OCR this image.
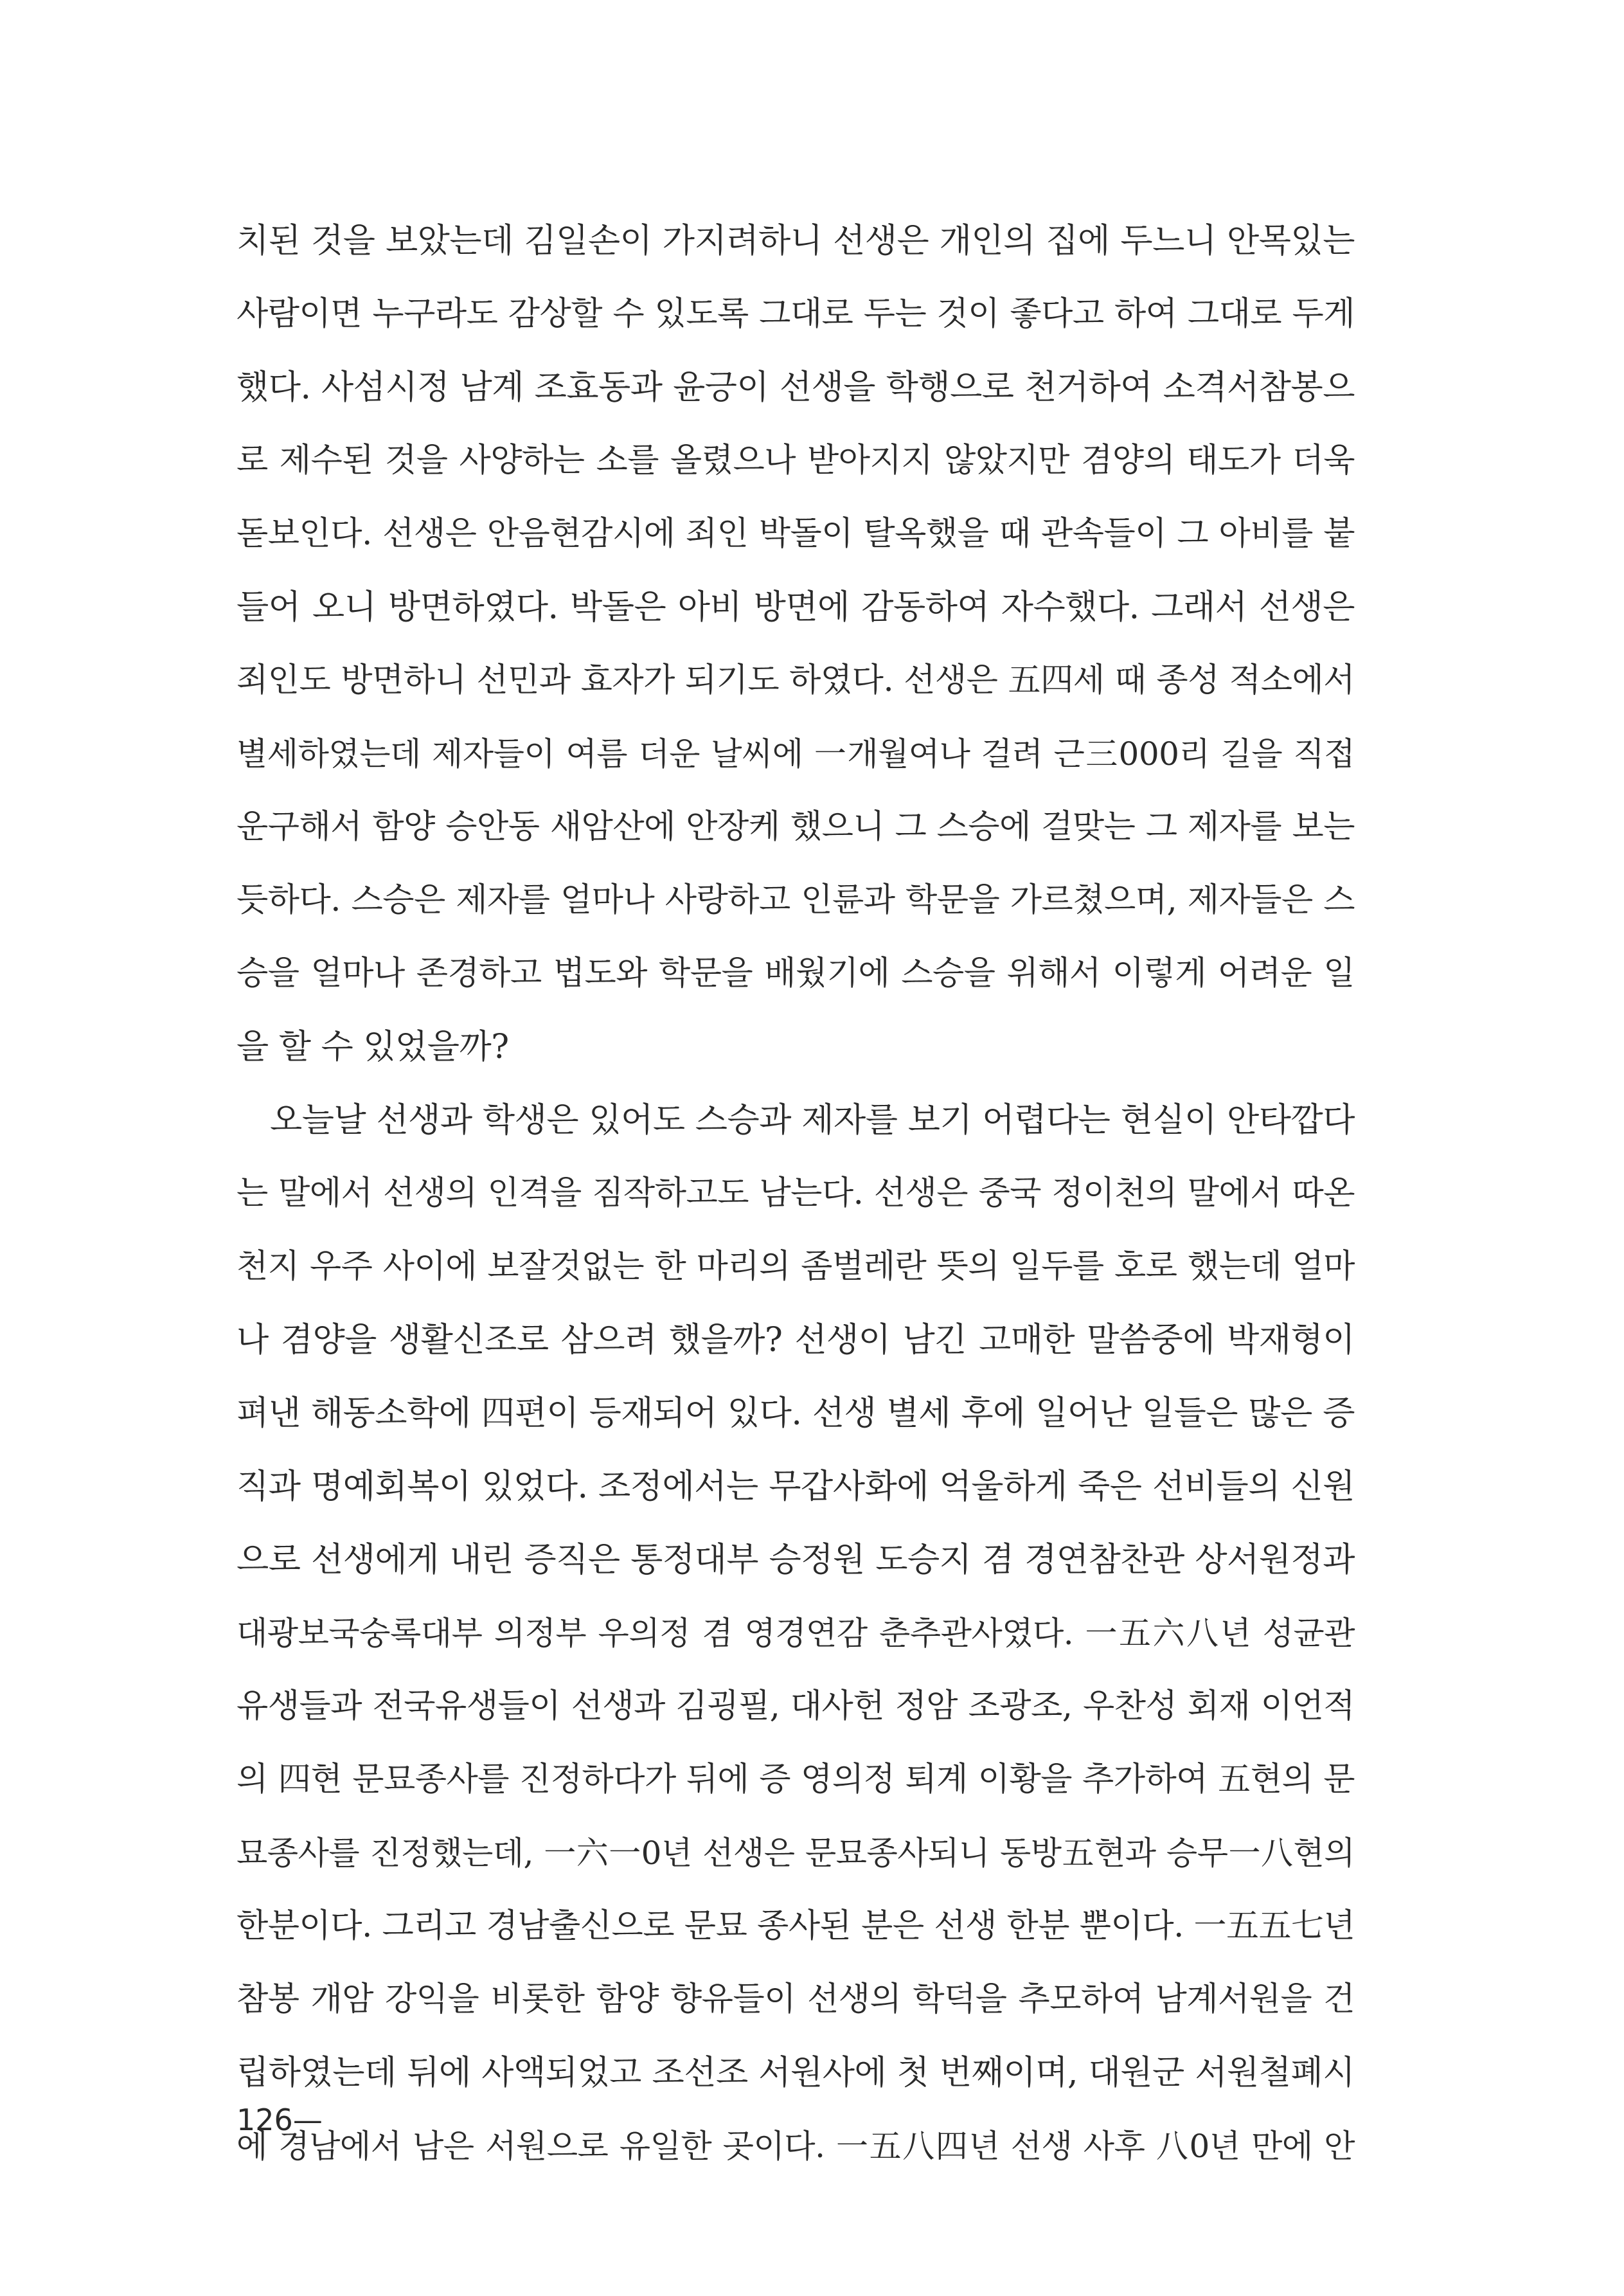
치된 것을 보았는데 김일손이 가지려하니 선생은 개인의 집에 두느니 안목있는
사람이면 누구라도 감상할 수 있도록 그대로 두는 것이 좋다고 하여 그대로 두게
했다. 사섬시정 남계 조효동과 윤긍이 선생을 학행으로 천거하여 소격서참봉으
로 제수된 것을 사양하는 소를 올렸으나 받아지지 않았지만 겸양의 태도가 더욱
돋보인다. 선생은 안음현감시에 죄인 박돌이 탈옥했을 때 관속들이 그 아비를 붙
들어 오니 방면하였다. 박돌은 아비 방면에 감동하여 자수했다. 그래서 선생은
죄인도 방면하니 선민과 효자가 되기도 하였다. 선생은 五四세 때 종성 적소에서
별세하였는데 제자들이 여름 더운 날씨에 一개월여나 걸려 근三000리 길을 직접
운구해서 함양 승안동 새암산에 안장케 했으니 그 스승에 걸맞는 그 제자를 보는
듯하다. 스승은 제자를 얼마나 사랑하고 인륜과 학문을 가르쳤으며, 제자들은 스
승을 얼마나 존경하고 법도와 학문을 배웠기에 스승을 위해서 이렇게 어려운 일
을 할 수 있었을까?
오늘날 선생과 학생은 있어도 스승과 제자를 보기 어렵다는 현실이 안타깝다
는 말에서 선생의 인격을 짐작하고도 남는다. 선생은 중국 정이천의 말에서 따온
천지 우주 사이에 보잘것없는 한 마리의 좀벌레란 뜻의 일두를 호로 했는데 얼마
나 겸양을 생활신조로 삼으려 했을까? 선생이 남긴 고매한 말씀중에 박재형이
펴낸 해동소학에 四편이 등재되어 있다. 선생 별세 후에 일어난 일들은 많은 증
직과 명예회복이 있었다. 조정에서는 무갑사화에 억울하게 죽은 선비들의 신원
으로 선생에게 내린 증직은 통정대부 승정원 도승지 겸 경연참찬관 상서원정과
대광보국숭록대부 의정부 우의정 겸 영경연감 춘추관사였다. 一五六八년 성균관
유생들과 전국유생들이 선생과 김굉필, 대사헌 정암 조광조, 우찬성 회재 이언적
의 四현 문묘종사를 진정하다가 뒤에 증 영의정 퇴계 이황을 추가하여 五현의 문
묘종사를 진정했는데, 一六一0년 선생은 문묘종사되니 동방五현과 승무一八현의
한분이다. 그리고 경남출신으로 문묘 종사된 분은 선생 한분 뿐이다. 一五五七년
참봉 개암 강익을 비롯한 함양 향유들이 선생의 학덕을 추모하여 남계서원을 건
립하였는데 뒤에 사액되었고 조선조 서원사에 첫 번째이며, 대원군 서원철폐시
에 경남에서 남은 서원으로 유일한 곳이다. 一五八四년 선생 사후 八0년 만에 안
126—
